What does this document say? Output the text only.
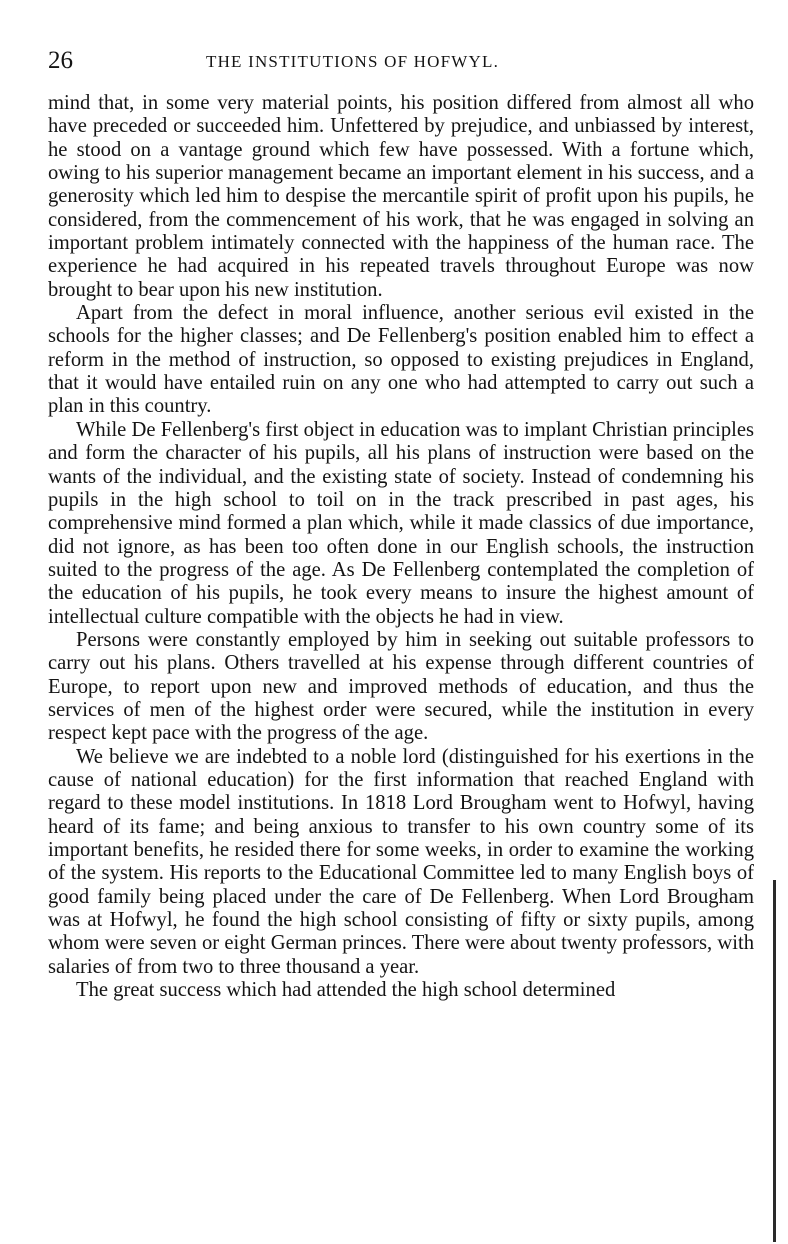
26	THE INSTITUTIONS OF HOFWYL.

mind that, in some very material points, his position differed from almost all who have preceded or succeeded him. Unfettered by prejudice, and unbiassed by interest, he stood on a vantage ground which few have possessed. With a fortune which, owing to his superior management became an important element in his success, and a generosity which led him to despise the mercantile spirit of profit upon his pupils, he considered, from the commencement of his work, that he was engaged in solving an important problem intimately connected with the happiness of the human race. The experience he had acquired in his repeated travels throughout Europe was now brought to bear upon his new institution.

Apart from the defect in moral influence, another serious evil existed in the schools for the higher classes; and De Fellenberg's position enabled him to effect a reform in the method of instruction, so opposed to existing prejudices in England, that it would have entailed ruin on any one who had attempted to carry out such a plan in this country.

While De Fellenberg's first object in education was to implant Christian principles and form the character of his pupils, all his plans of instruction were based on the wants of the individual, and the existing state of society. Instead of condemning his pupils in the high school to toil on in the track prescribed in past ages, his comprehensive mind formed a plan which, while it made classics of due importance, did not ignore, as has been too often done in our English schools, the instruction suited to the progress of the age. As De Fellenberg contemplated the completion of the education of his pupils, he took every means to insure the highest amount of intellectual culture compatible with the objects he had in view.

Persons were constantly employed by him in seeking out suitable professors to carry out his plans. Others travelled at his expense through different countries of Europe, to report upon new and improved methods of education, and thus the services of men of the highest order were secured, while the institution in every respect kept pace with the progress of the age.

We believe we are indebted to a noble lord (distinguished for his exertions in the cause of national education) for the first information that reached England with regard to these model institutions. In 1818 Lord Brougham went to Hofwyl, having heard of its fame; and being anxious to transfer to his own country some of its important benefits, he resided there for some weeks, in order to examine the working of the system. His reports to the Educational Committee led to many English boys of good family being placed under the care of De Fellenberg. When Lord Brougham was at Hofwyl, he found the high school consisting of fifty or sixty pupils, among whom were seven or eight German princes. There were about twenty professors, with salaries of from two to three thousand a year.

The great success which had attended the high school determined
